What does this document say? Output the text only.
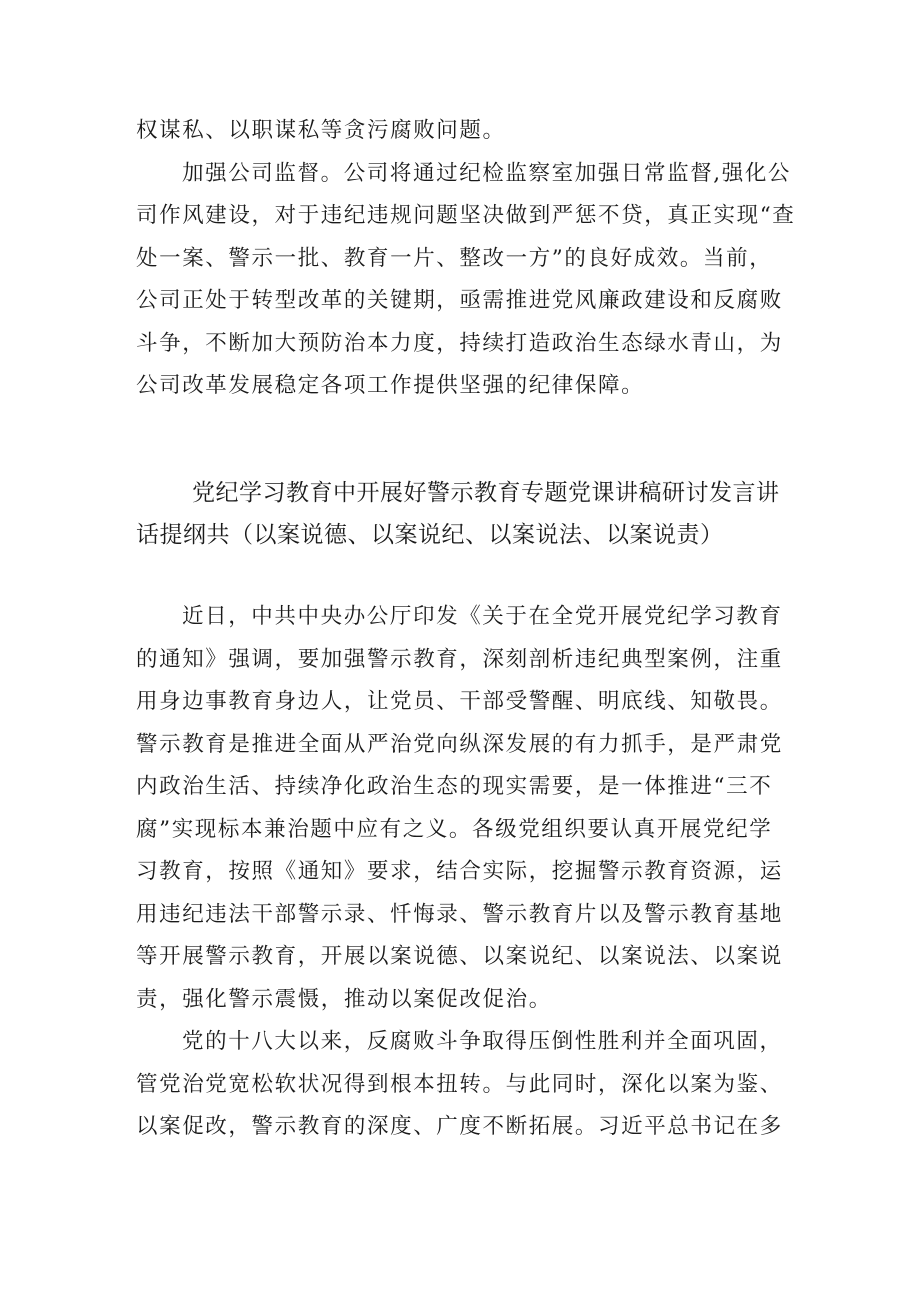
权谋私、以职谋私等贪污腐败问题。
加强公司监督。公司将通过纪检监察室加强日常监督,强化公
司作风建设，对于违纪违规问题坚决做到严惩不贷，真正实现“查
处一案、警示一批、教育一片、整改一方”的良好成效。当前，
公司正处于转型改革的关键期，亟需推进党风廉政建设和反腐败
斗争，不断加大预防治本力度，持续打造政治生态绿水青山，为
公司改革发展稳定各项工作提供坚强的纪律保障。
党纪学习教育中开展好警示教育专题党课讲稿研讨发言讲
话提纲共（以案说德、以案说纪、以案说法、以案说责）
近日，中共中央办公厅印发《关于在全党开展党纪学习教育
的通知》强调，要加强警示教育，深刻剖析违纪典型案例，注重
用身边事教育身边人，让党员、干部受警醒、明底线、知敬畏。
警示教育是推进全面从严治党向纵深发展的有力抓手，是严肃党
内政治生活、持续净化政治生态的现实需要，是一体推进“三不
腐”实现标本兼治题中应有之义。各级党组织要认真开展党纪学
习教育，按照《通知》要求，结合实际，挖掘警示教育资源，运
用违纪违法干部警示录、忏悔录、警示教育片以及警示教育基地
等开展警示教育，开展以案说德、以案说纪、以案说法、以案说
责，强化警示震慑，推动以案促改促治。
党的十八大以来，反腐败斗争取得压倒性胜利并全面巩固，
管党治党宽松软状况得到根本扭转。与此同时，深化以案为鉴、
以案促改，警示教育的深度、广度不断拓展。习近平总书记在多
